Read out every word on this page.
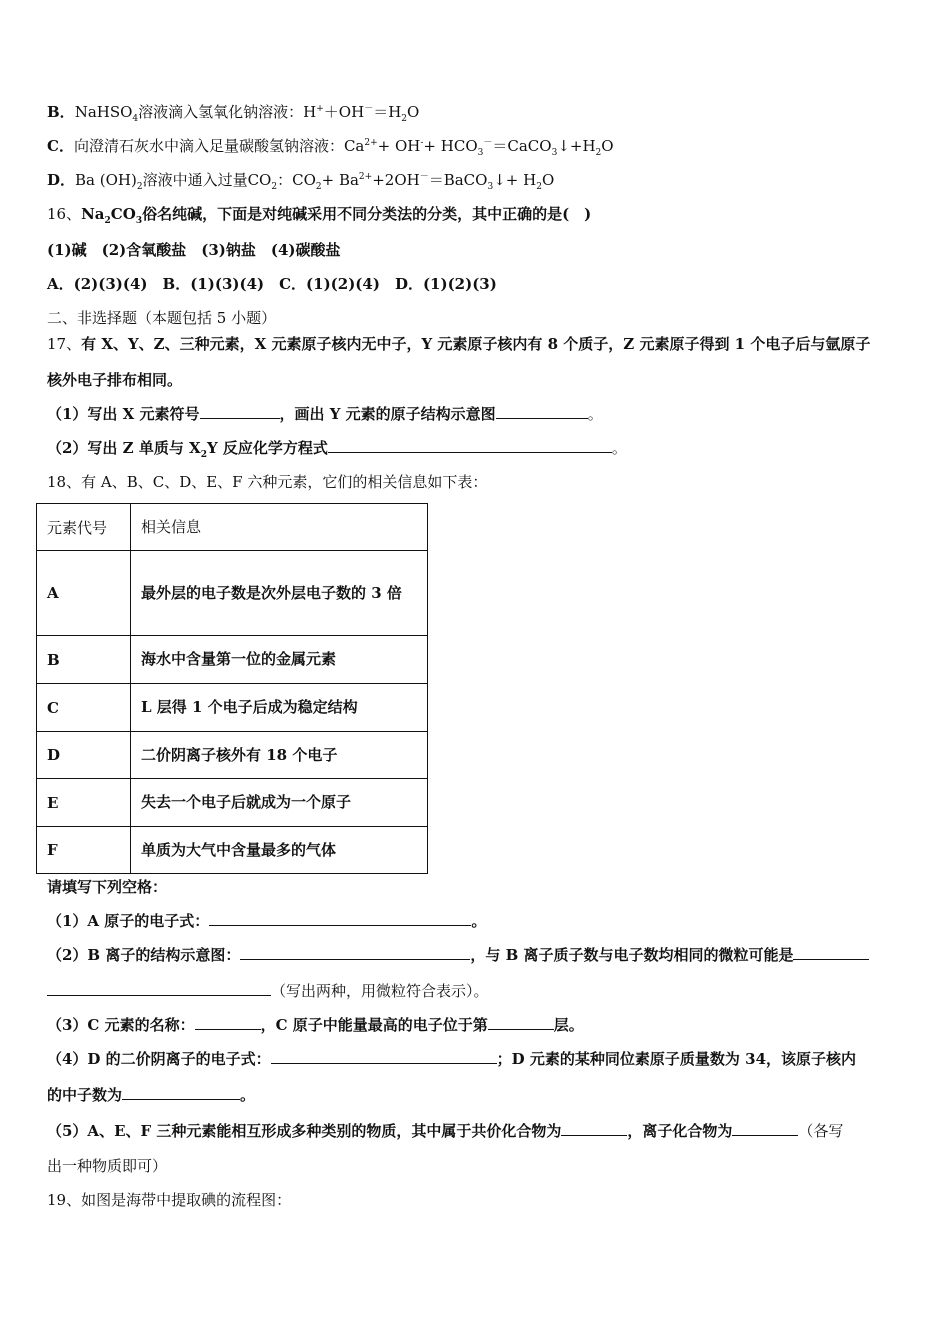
B．NaHSO$_4$溶液滴入氢氧化钠溶液：$H^++OH^-=H_2O$
C．向澄清石灰水中滴入足量碳酸氢钠溶液：$Ca^{2+}+ OH^-+$ $HCO_3^-=CaCO_3↓+H_2O$
D．Ba $(OH)_2$溶液中通入过量$CO_2$：$CO_2+$ $Ba^{2+}+2OH^-=BaCO_3↓+ H_2O$
16、$Na_2CO_3$俗名纯碱，下面是对纯碱采用不同分类法的分类，其中正确的是(　)
(1)碱　(2)含氧酸盐　(3)钠盐　(4)碳酸盐
A．(2)(3)(4)　B．(1)(3)(4)　C．(1)(2)(4)　D．(1)(2)(3)
二、非选择题（本题包括 5 小题）
17、有 X、Y、Z、三种元素，X 元素原子核内无中子，Y 元素原子核内有 8 个质子，Z 元素原子得到 1 个电子后与氩原子
核外电子排布相同。
（1）写出 X 元素符号	，画出 Y 元素的原子结构示意图	。
（2）写出 Z 单质与 $X_2Y$ 反应化学方程式	。
18、有 A、B、C、D、E、F 六种元素，它们的相关信息如下表：
元素代号	相关信息
A	最外层的电子数是次外层电子数的 3 倍
B	海水中含量第一位的金属元素
C	L 层得 1 个电子后成为稳定结构
D	二价阴离子核外有 18 个电子
E	失去一个电子后就成为一个原子
F	单质为大气中含量最多的气体
请填写下列空格：
（1）A 原子的电子式：	。
（2）B 离子的结构示意图：	，与 B 离子质子数与电子数均相同的微粒可能是
（写出两种，用微粒符合表示）。
（3）C 元素的名称：	，C 原子中能量最高的电子位于第	层。
（4）D 的二价阴离子的电子式：	；D 元素的某种同位素原子质量数为 34，该原子核内
的中子数为	。
（5）A、E、F 三种元素能相互形成多种类别的物质，其中属于共价化合物为	，离子化合物为	（各写
出一种物质即可）
19、如图是海带中提取碘的流程图：
